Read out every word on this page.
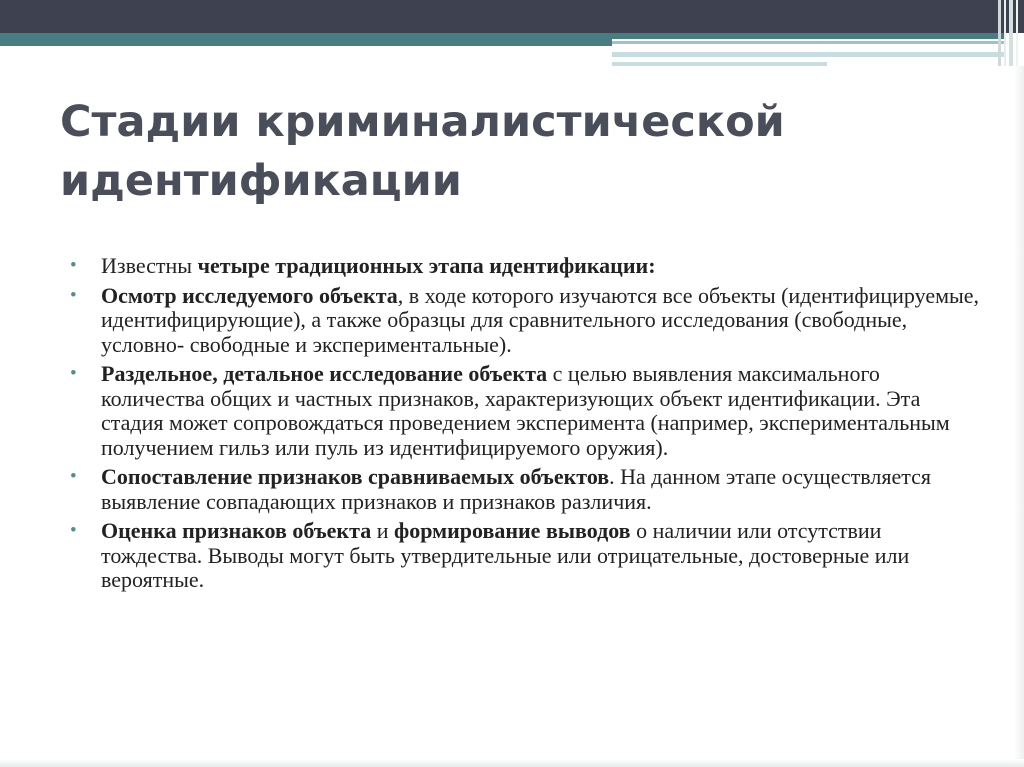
Стадии криминалистической
идентификации
• Известны четыре традиционных этапа идентификации:
• Осмотр исследуемого объекта, в ходе которого изучаются все объекты (идентифицируемые, идентифицирующие), а также образцы для сравнительного исследования (свободные, условно- свободные и экспериментальные).
• Раздельное, детальное исследование объекта с целью выявления максимального количества общих и частных признаков, характеризующих объект идентификации. Эта стадия может сопровождаться проведением эксперимента (например, экспериментальным получением гильз или пуль из идентифицируемого оружия).
• Сопоставление признаков сравниваемых объектов. На данном этапе осуществляется выявление совпадающих признаков и признаков различия.
• Оценка признаков объекта и формирование выводов о наличии или отсутствии тождества. Выводы могут быть утвердительные или отрицательные, достоверные или вероятные.
